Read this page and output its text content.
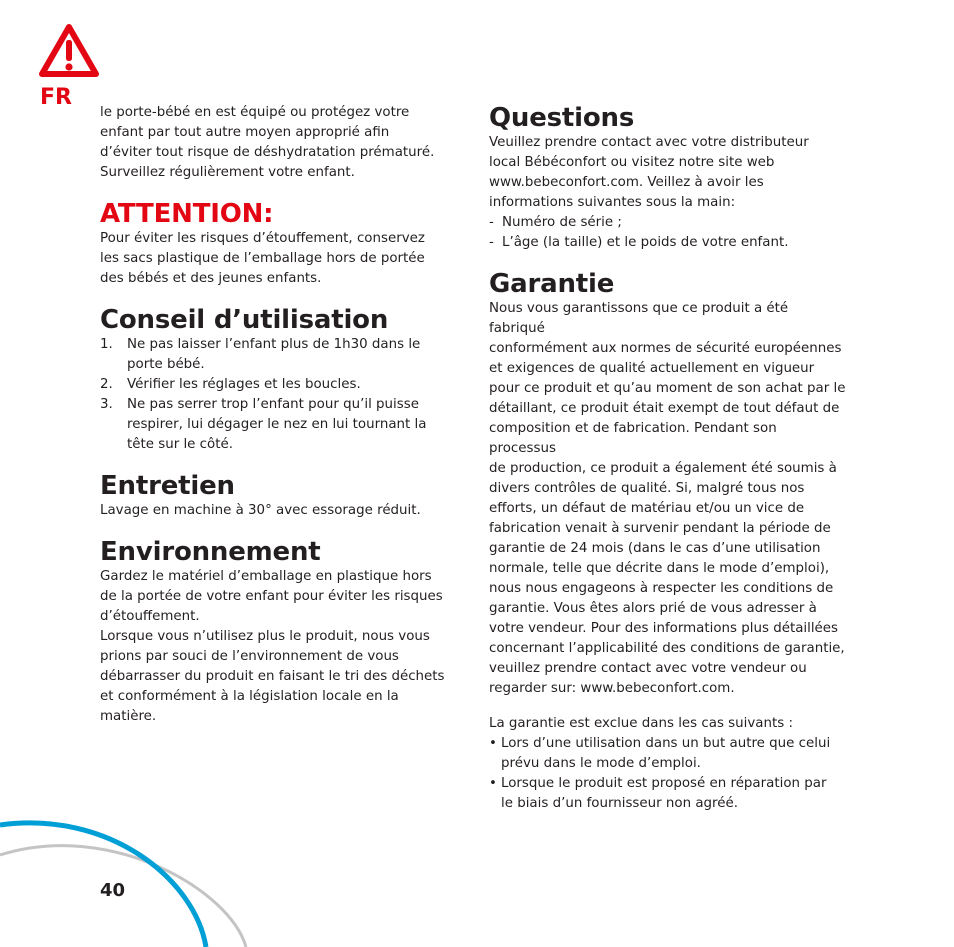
FR

le porte-bébé en est équipé ou protégez votre

enfant par tout autre moyen approprié afin

d’éviter tout risque de déshydratation prématuré.

Surveillez régulièrement votre enfant.

ATTENTION:

Pour éviter les risques d’étouffement, conservez

les sacs plastique de l’emballage hors de portée

des bébés et des jeunes enfants.

Conseil d’utilisation
1. Ne pas laisser l’enfant plus de 1h30 dans le
porte bébé.
2. Vérifier les réglages et les boucles.
3. Ne pas serrer trop l’enfant pour qu’il puisse
respirer, lui dégager le nez en lui tournant la
tête sur le côté.
Entretien

Lavage en machine à 30° avec essorage réduit.

Environnement

Gardez le matériel d’emballage en plastique hors

de la portée de votre enfant pour éviter les risques

d’étouffement.

Lorsque vous n’utilisez plus le produit, nous vous

prions par souci de l’environnement de vous

débarrasser du produit en faisant le tri des déchets

et conformément à la législation locale en la

matière.

Questions

Veuillez prendre contact avec votre distributeur

local Bébéconfort ou visitez notre site web

www.bebeconfort.com. Veillez à avoir les

informations suivantes sous la main:

- Numéro de série ;
- L’âge (la taille) et le poids de votre enfant.
Garantie

Nous vous garantissons que ce produit a été fabriqué

conformément aux normes de sécurité européennes

et exigences de qualité actuellement en vigueur

pour ce produit et qu’au moment de son achat par le

détaillant, ce produit était exempt de tout défaut de

composition et de fabrication. Pendant son processus

de production, ce produit a également été soumis à

divers contrôles de qualité. Si, malgré tous nos

efforts, un défaut de matériau et/ou un vice de

fabrication venait à survenir pendant la période de

garantie de 24 mois (dans le cas d’une utilisation

normale, telle que décrite dans le mode d’emploi),

nous nous engageons à respecter les conditions de

garantie. Vous êtes alors prié de vous adresser à

votre vendeur. Pour des informations plus détaillées

concernant l’applicabilité des conditions de garantie,

veuillez prendre contact avec votre vendeur ou

regarder sur: www.bebeconfort.com.

La garantie est exclue dans les cas suivants :

• Lors d’une utilisation dans un but autre que celui
prévu dans le mode d’emploi.
• Lorsque le produit est proposé en réparation par
le biais d’un fournisseur non agréé.
40
